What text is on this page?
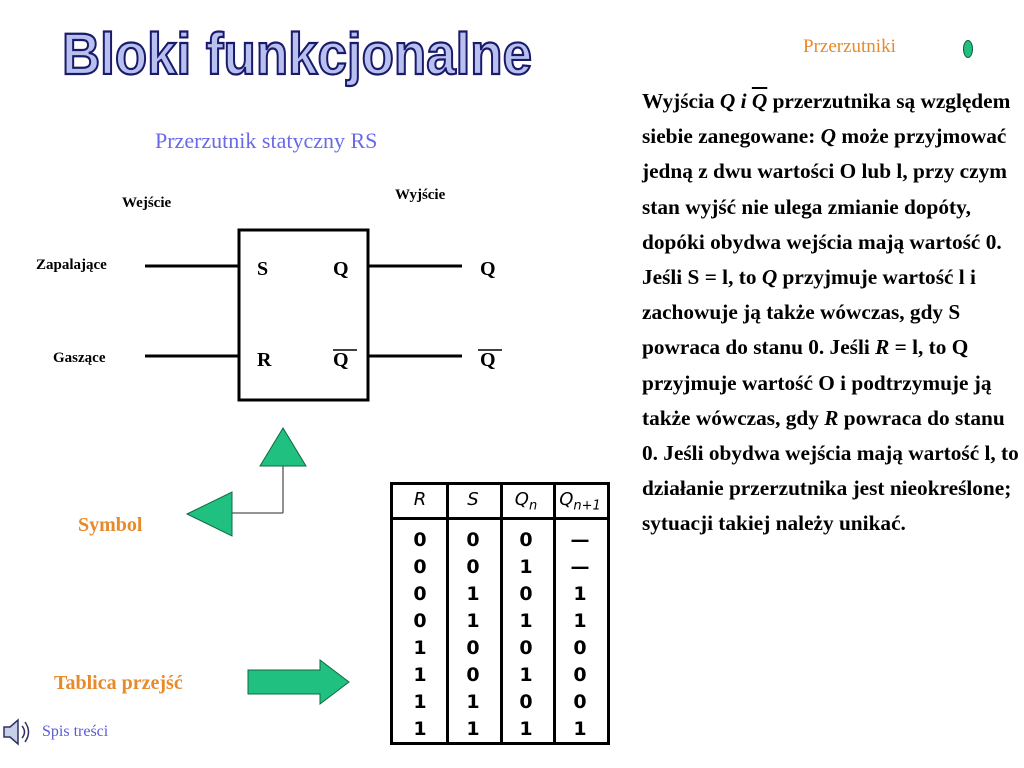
Bloki funkcjonalne	Przerzutniki
Przerzutnik statyczny RS
Wejście	Wyjście
Zapalające
Gaszące
S	Q
R	Q
Q
Q
Symbol
Tablica przejść
R	S	$Q_n$	$Q_{n+1}$
0	0	0	—
0	0	1	—
0	1	0	1
0	1	1	1
1	0	0	0
1	0	1	0
1	1	0	0
1	1	1	1
Wyjścia Q i $\overline{Q}$ przerzutnika są względem siebie zanegowane: Q może przyjmować jedną z dwu wartości O lub l, przy czym stan wyjść nie ulega zmianie dopóty, dopóki obydwa wejścia mają wartość 0. Jeśli S = l, to Q przyjmuje wartość l i zachowuje ją także wówczas, gdy S powraca do stanu 0. Jeśli R = l, to Q przyjmuje wartość O i podtrzymuje ją także wówczas, gdy R powraca do stanu 0. Jeśli obydwa wejścia mają wartość l, to działanie przerzutnika jest nieokreślone; sytuacji takiej należy unikać.
Spis treści
